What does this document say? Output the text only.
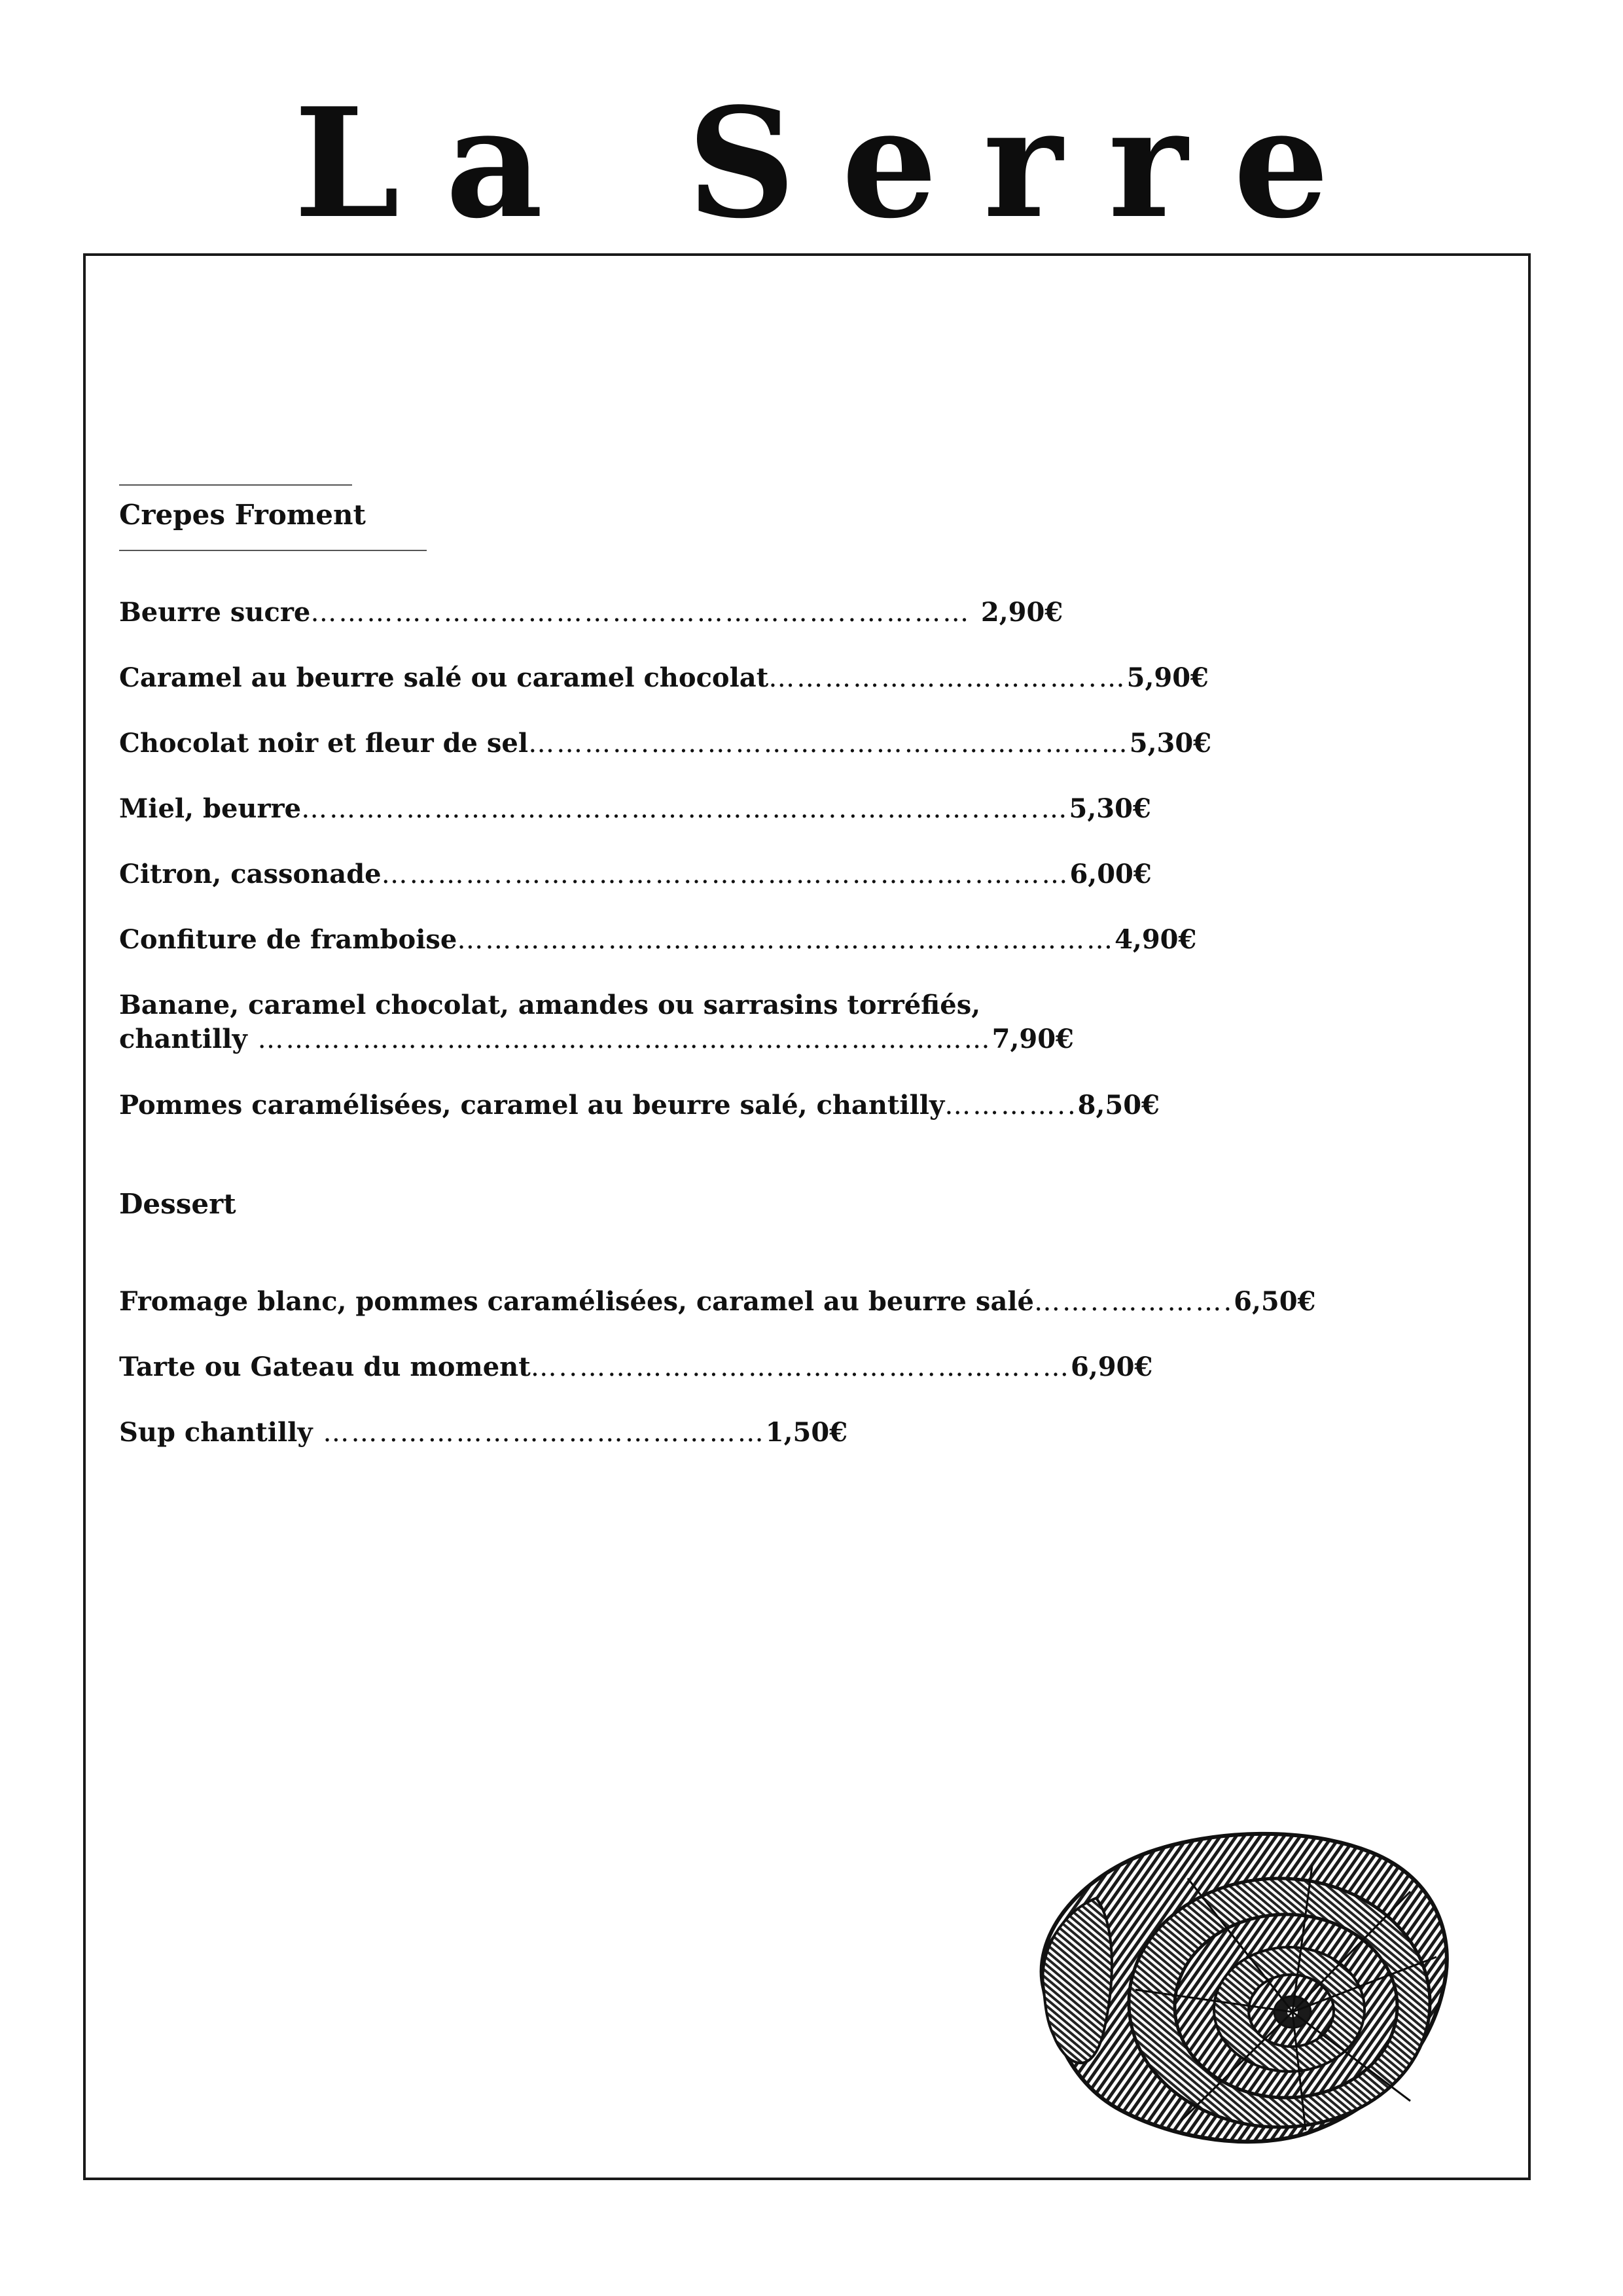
La Serre
Crepes Froment
Beurre sucre…………..……………………………………..………… 2,90€
Caramel au beurre salé ou caramel chocolat……………………………..…5,90€
Chocolat noir et fleur de sel………….……………………………………………5,30€
Miel, beurre………..………………………………………...…………..…..…5,30€
Citron, cassonade…………..…………………………………………..………6,00€
Confiture de framboise………….…………………………………………………4,90€
Banane, caramel chocolat, amandes ou sarrasins torréfiés,
chantilly ………..……………………………………….…………………7,90€
Pommes caramélisées, caramel au beurre salé, chantilly…………..8,50€
Dessert
Fromage blanc, pommes caramélisées, caramel au beurre salé……..………….6,50€
Tarte ou Gateau du moment…..………………………………..………..…6,90€
Sup chantilly ……..…………………………………1,50€
